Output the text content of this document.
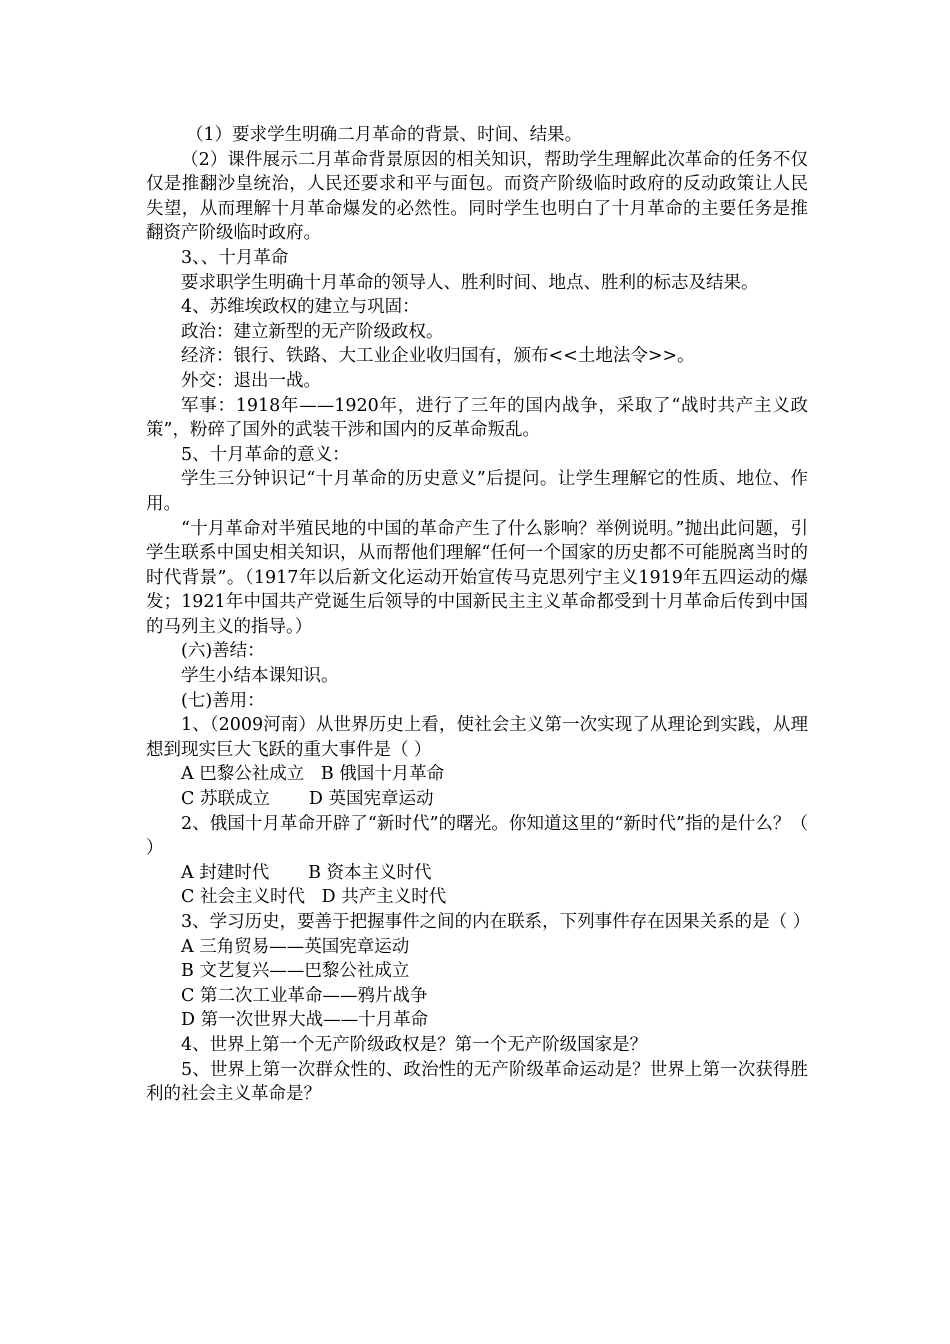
（1）要求学生明确二月革命的背景、时间、结果。

（2）课件展示二月革命背景原因的相关知识，帮助学生理解此次革命的任务不仅仅是推翻沙皇统治，人民还要求和平与面包。而资产阶级临时政府的反动政策让人民失望，从而理解十月革命爆发的必然性。同时学生也明白了十月革命的主要任务是推翻资产阶级临时政府。

3、、十月革命

要求职学生明确十月革命的领导人、胜利时间、地点、胜利的标志及结果。

4、苏维埃政权的建立与巩固：

政治：建立新型的无产阶级政权。

经济：银行、铁路、大工业企业收归国有，颁布<<土地法令>>。

外交：退出一战。

军事：1918年——1920年，进行了三年的国内战争，采取了“战时共产主义政策”，粉碎了国外的武装干涉和国内的反革命叛乱。

5、十月革命的意义：

学生三分钟识记“十月革命的历史意义”后提问。让学生理解它的性质、地位、作用。

“十月革命对半殖民地的中国的革命产生了什么影响？举例说明。”抛出此问题，引学生联系中国史相关知识，从而帮他们理解“任何一个国家的历史都不可能脱离当时的时代背景”。（1917年以后新文化运动开始宣传马克思列宁主义1919年五四运动的爆发；1921年中国共产党诞生后领导的中国新民主主义革命都受到十月革命后传到中国的马列主义的指导。）

(六)善结：

学生小结本课知识。

(七)善用：

1、（2009河南）从世界历史上看，使社会主义第一次实现了从理论到实践，从理想到现实巨大飞跃的重大事件是（ ）

A 巴黎公社成立   B 俄国十月革命

C 苏联成立       D 英国宪章运动

2、俄国十月革命开辟了“新时代”的曙光。你知道这里的“新时代”指的是什么？（ ）

A 封建时代       B 资本主义时代

C 社会主义时代   D 共产主义时代

3、学习历史，要善于把握事件之间的内在联系，下列事件存在因果关系的是（ ）

A 三角贸易——英国宪章运动

B 文艺复兴——巴黎公社成立

C 第二次工业革命——鸦片战争

D 第一次世界大战——十月革命

4、世界上第一个无产阶级政权是？第一个无产阶级国家是？

5、世界上第一次群众性的、政治性的无产阶级革命运动是？世界上第一次获得胜利的社会主义革命是？
